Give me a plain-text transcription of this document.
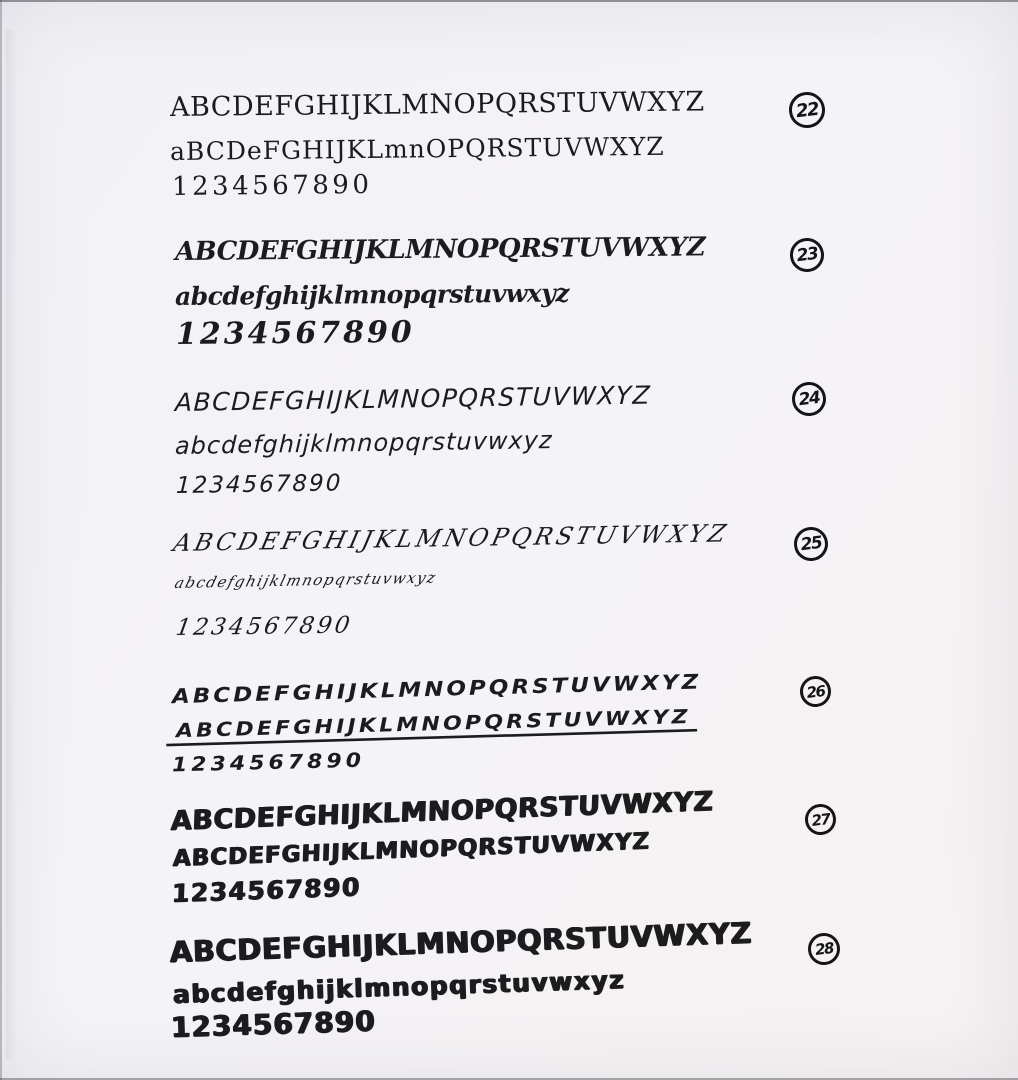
ABCDEFGHIJKLMNOPQRSTUVWXYZ
aBCDeFGHIJKLmnOPQRSTUVWXYZ
1234567890
22
ABCDEFGHIJKLMNOPQRSTUVWXYZ
abcdefghijklmnopqrstuvwxyz
1234567890
23
ABCDEFGHIJKLMNOPQRSTUVWXYZ
abcdefghijklmnopqrstuvwxyz
1234567890
24
ABCDEFGHIJKLMNOPQRSTUVWXYZ
abcdefghijklmnopqrstuvwxyz
1234567890
25
ABCDEFGHIJKLMNOPQRSTUVWXYZ
ABCDEFGHIJKLMNOPQRSTUVWXYZ
1234567890
26
ABCDEFGHIJKLMNOPQRSTUVWXYZ
ABCDEFGHIJKLMNOPQRSTUVWXYZ
1234567890
27
ABCDEFGHIJKLMNOPQRSTUVWXYZ
abcdefghijklmnopqrstuvwxyz
1234567890
28
